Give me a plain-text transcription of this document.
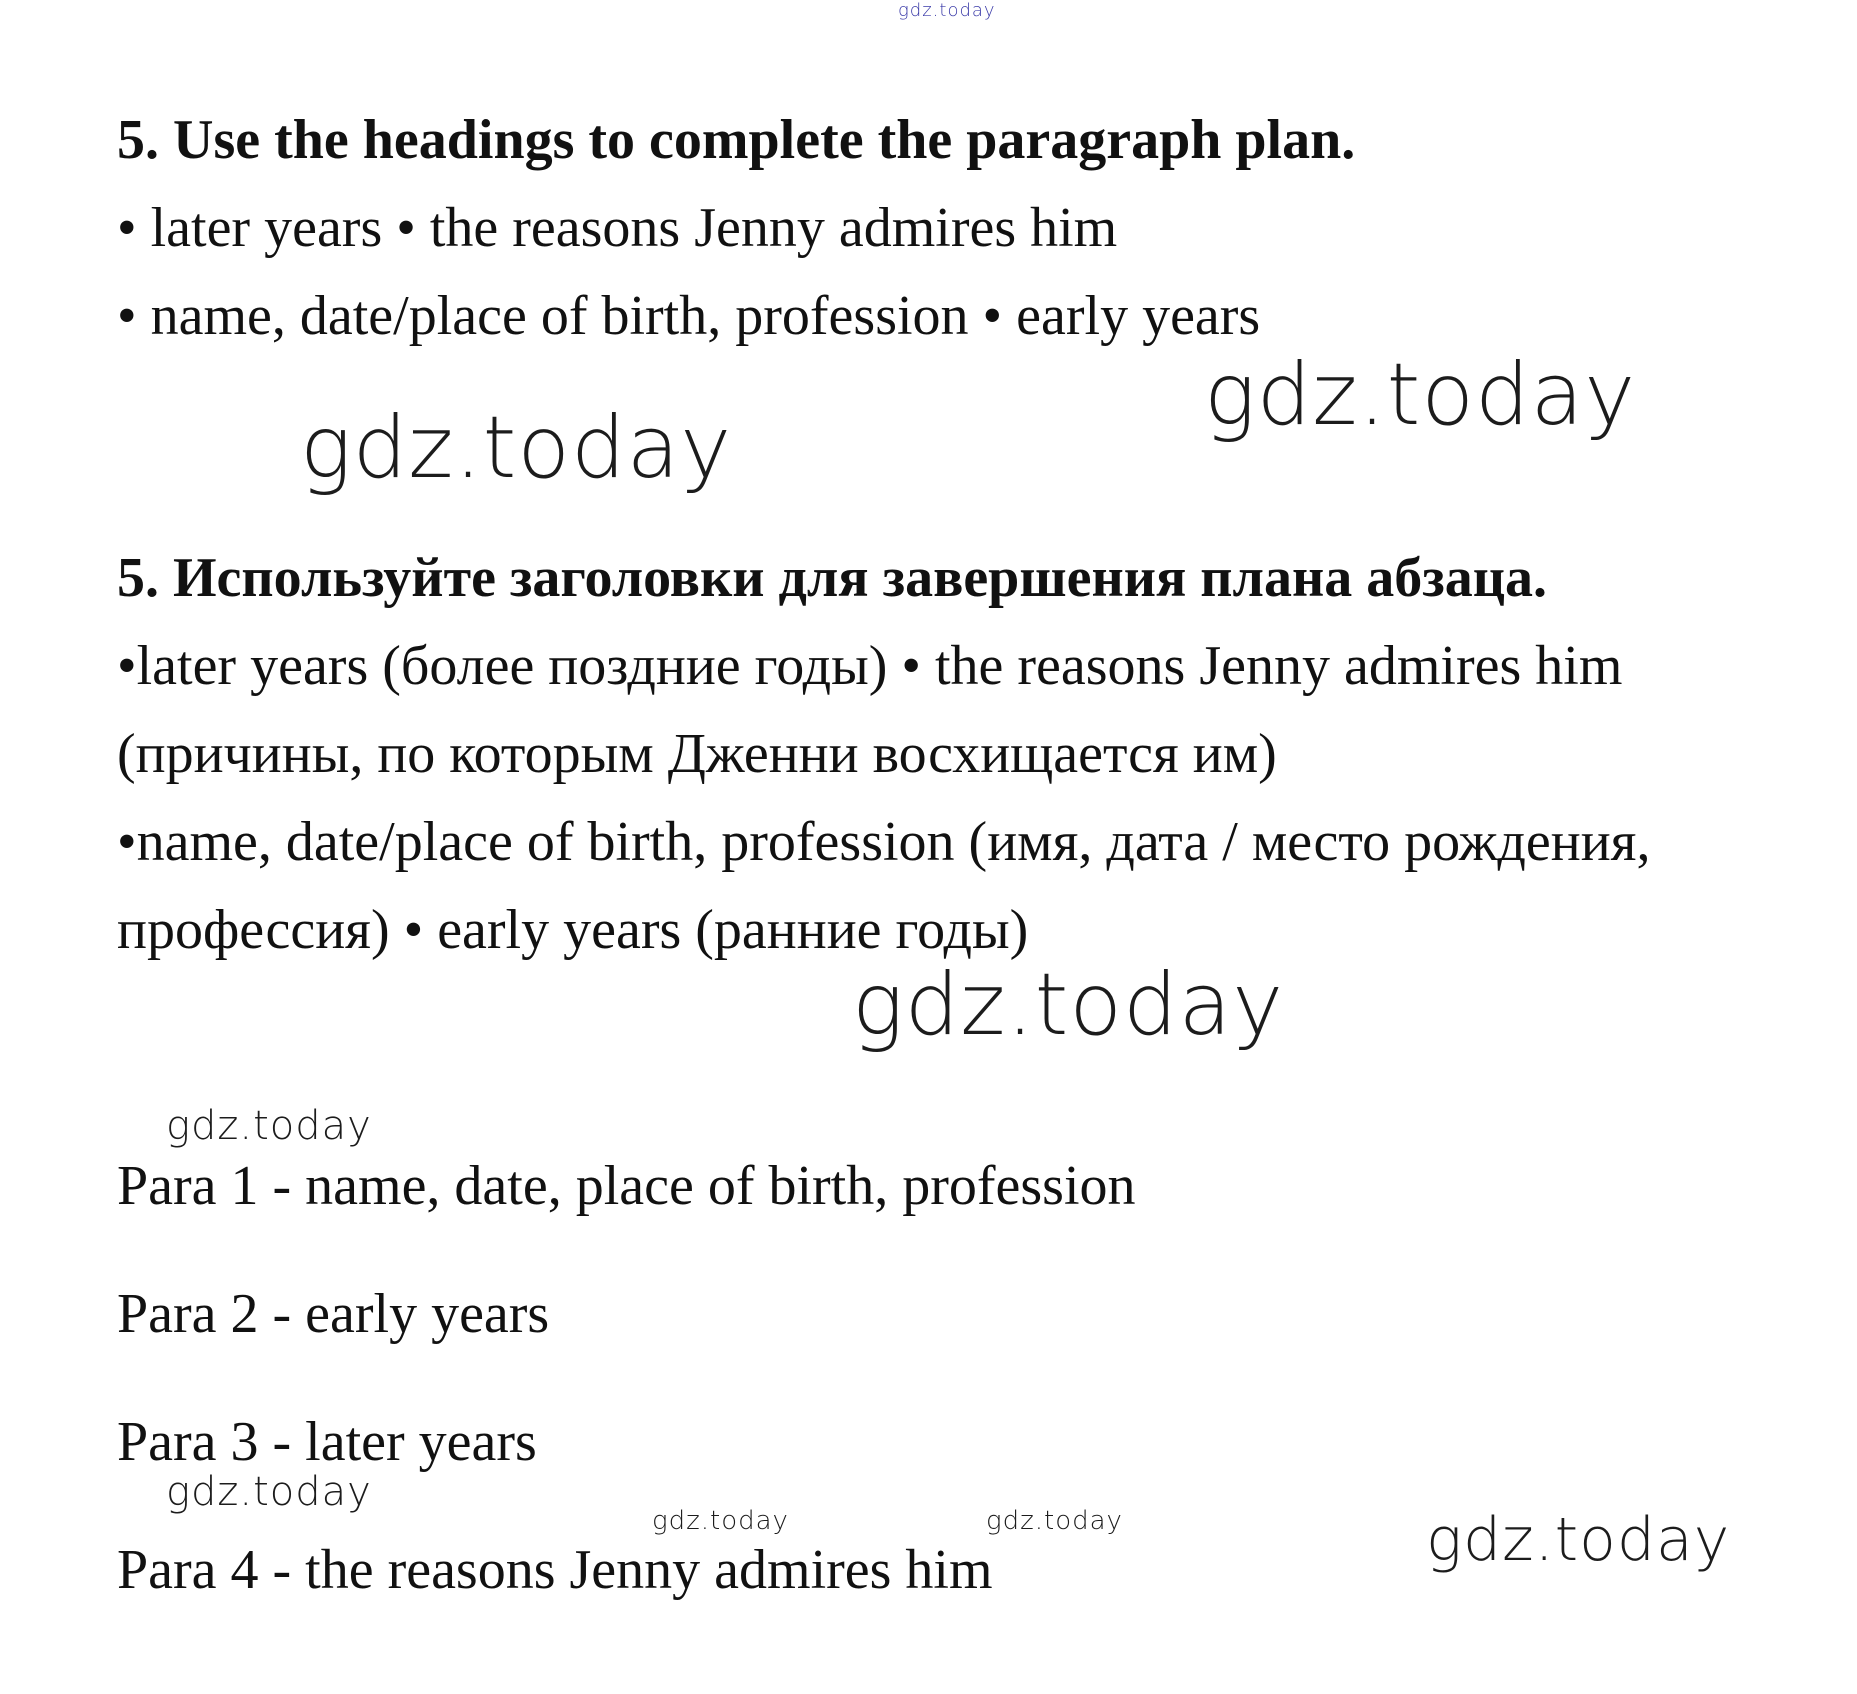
gdz.today
5. Use the headings to complete the paragraph plan.
• later years • the reasons Jenny admires him
• name, date/place of birth, profession • early years
5. Используйте заголовки для завершения плана абзаца.
•later years (более поздние годы) • the reasons Jenny admires him
(причины, по которым Дженни восхищается им)
•name, date/place of birth, profession (имя, дата / место рождения,
профессия) • early years (ранние годы)
Para 1 - name, date, place of birth, profession
Para 2 - early years
Para 3 - later years
Para 4 - the reasons Jenny admires him
gdz.today
gdz.today
gdz.today
gdz.today
gdz.today
gdz.today	gdz.today	gdz.today
